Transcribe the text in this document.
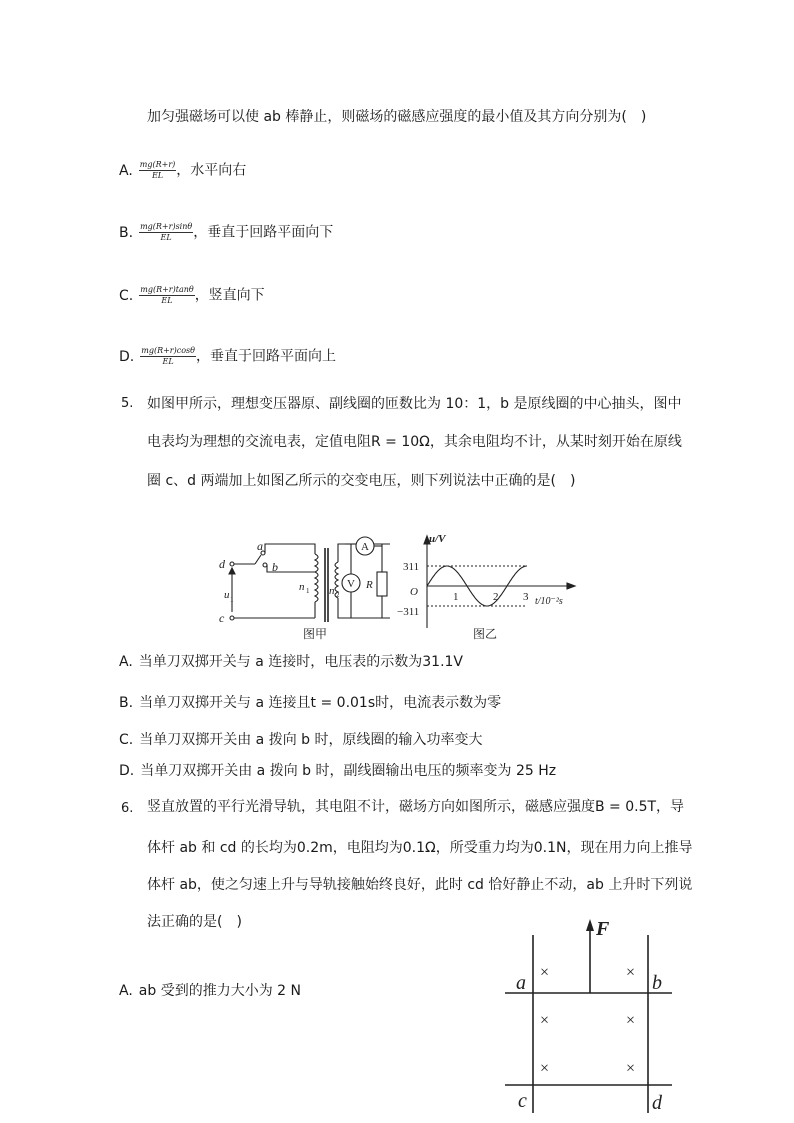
加匀强磁场可以使 ab 棒静止，则磁场的磁感应强度的最小值及其方向分别为(　)
A. $\frac{mg(R+r)}{EL}$ ，水平向右
B. $\frac{mg(R+r)\sin\theta}{EL}$ ，垂直于回路平面向下
C. $\frac{mg(R+r)\tan\theta}{EL}$ ，竖直向下
D. $\frac{mg(R+r)\cos\theta}{EL}$ ，垂直于回路平面向上
5. 如图甲所示，理想变压器原、副线圈的匝数比为 10：1，b 是原线圈的中心抽头，图中
电表均为理想的交流电表，定值电阻R = 10Ω，其余电阻均不计，从某时刻开始在原线
圈 c、d 两端加上如图乙所示的交变电压，则下列说法中正确的是(　)
d
c
a
b
u 1
n 1 n 2
A
V R
图甲
u/V
311
O
−311
1	2 3 t/10⁻²s
图乙
A. 当单刀双掷开关与 a 连接时，电压表的示数为31.1V
B. 当单刀双掷开关与 a 连接且t = 0.01s时，电流表示数为零
C. 当单刀双掷开关由 a 拨向 b 时，原线圈的输入功率变大
D. 当单刀双掷开关由 a 拨向 b 时，副线圈输出电压的频率变为 25 Hz
6. 竖直放置的平行光滑导轨，其电阻不计，磁场方向如图所示，磁感应强度B = 0.5T，导
体杆 ab 和 cd 的长均为0.2m，电阻均为0.1Ω，所受重力均为0.1N，现在用力向上推导
体杆 ab，使之匀速上升与导轨接触始终良好，此时 cd 恰好静止不动，ab 上升时下列说
法正确的是(　)
A. ab 受到的推力大小为 2 N
F
a	b
c	d
×	×
×	×
×	×
